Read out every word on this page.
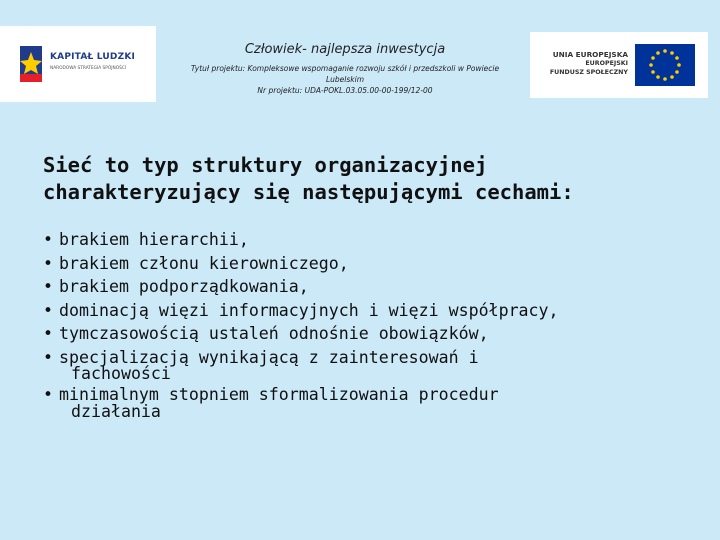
KAPITAŁ LUDZKI
NARODOWA STRATEGIA SPÓJNOŚCI

Człowiek- najlepsza inwestycja

Tytuł projektu: Kompleksowe wspomaganie rozwoju szkół i przedszkoli w Powiecie

Lubelskim

Nr projektu: UDA-POKL.03.05.00-00-199/12-00

UNIA EUROPEJSKA
EUROPEJSKI
FUNDUSZ SPOŁECZNY
Sieć to typ struktury organizacyjnej
charakteryzujący się następującymi cechami:
• brakiem hierarchii,
• brakiem członu kierowniczego,
• brakiem podporządkowania,
• dominacją więzi informacyjnych i więzi współpracy,
• tymczasowością ustaleń odnośnie obowiązków,
• specjalizacją wynikającą z zainteresowań i
fachowości
• minimalnym stopniem sformalizowania procedur
działania
